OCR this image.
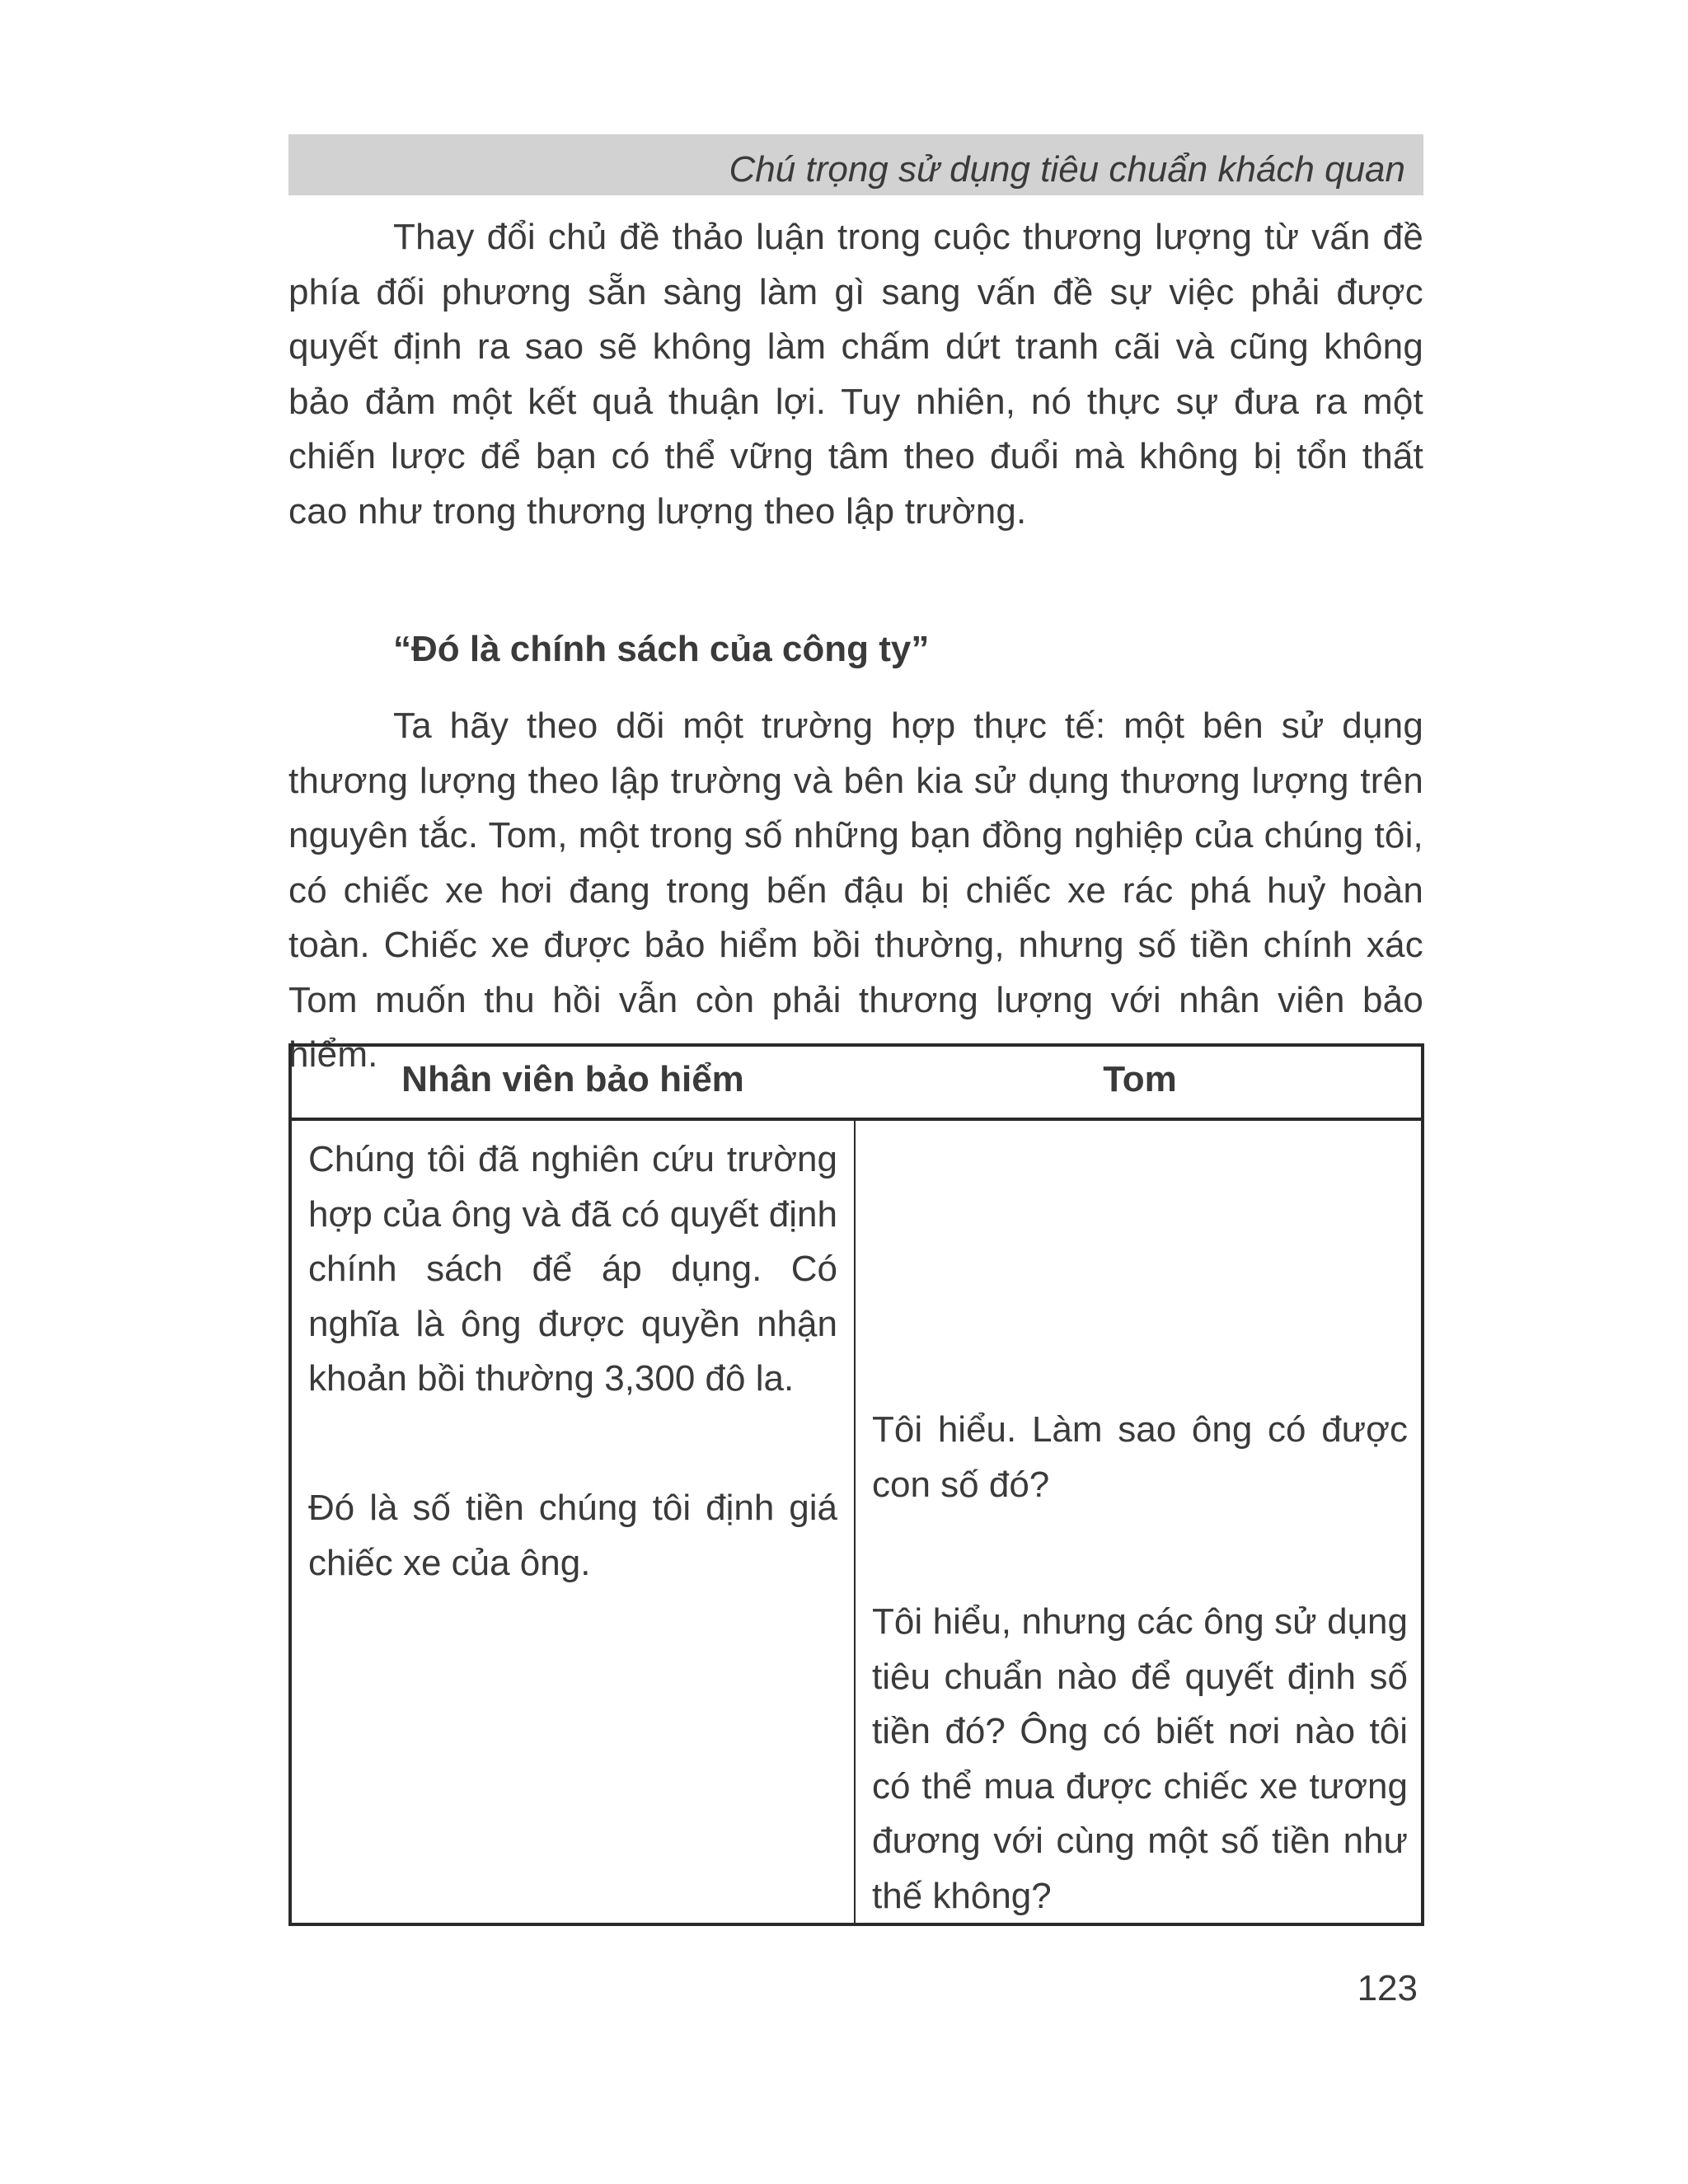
Chú trọng sử dụng tiêu chuẩn khách quan

Thay đổi chủ đề thảo luận trong cuộc thương lượng từ vấn đề phía đối phương sẵn sàng làm gì sang vấn đề sự việc phải được quyết định ra sao sẽ không làm chấm dứt tranh cãi và cũng không bảo đảm một kết quả thuận lợi. Tuy nhiên, nó thực sự đưa ra một chiến lược để bạn có thể vững tâm theo đuổi mà không bị tổn thất cao như trong thương lượng theo lập trường.

“Đó là chính sách của công ty”

Ta hãy theo dõi một trường hợp thực tế: một bên sử dụng thương lượng theo lập trường và bên kia sử dụng thương lượng trên nguyên tắc. Tom, một trong số những bạn đồng nghiệp của chúng tôi, có chiếc xe hơi đang trong bến đậu bị chiếc xe rác phá huỷ hoàn toàn. Chiếc xe được bảo hiểm bồi thường, nhưng số tiền chính xác Tom muốn thu hồi vẫn còn phải thương lượng với nhân viên bảo hiểm.

Nhân viên bảo hiểm	Tom

Chúng tôi đã nghiên cứu trường hợp của ông và đã có quyết định chính sách để áp dụng. Có nghĩa là ông được quyền nhận khoản bồi thường 3,300 đô la.

Đó là số tiền chúng tôi định giá chiếc xe của ông.

Tôi hiểu. Làm sao ông có được con số đó?

Tôi hiểu, nhưng các ông sử dụng tiêu chuẩn nào để quyết định số tiền đó? Ông có biết nơi nào tôi có thể mua được chiếc xe tương đương với cùng một số tiền như thế không?

123
